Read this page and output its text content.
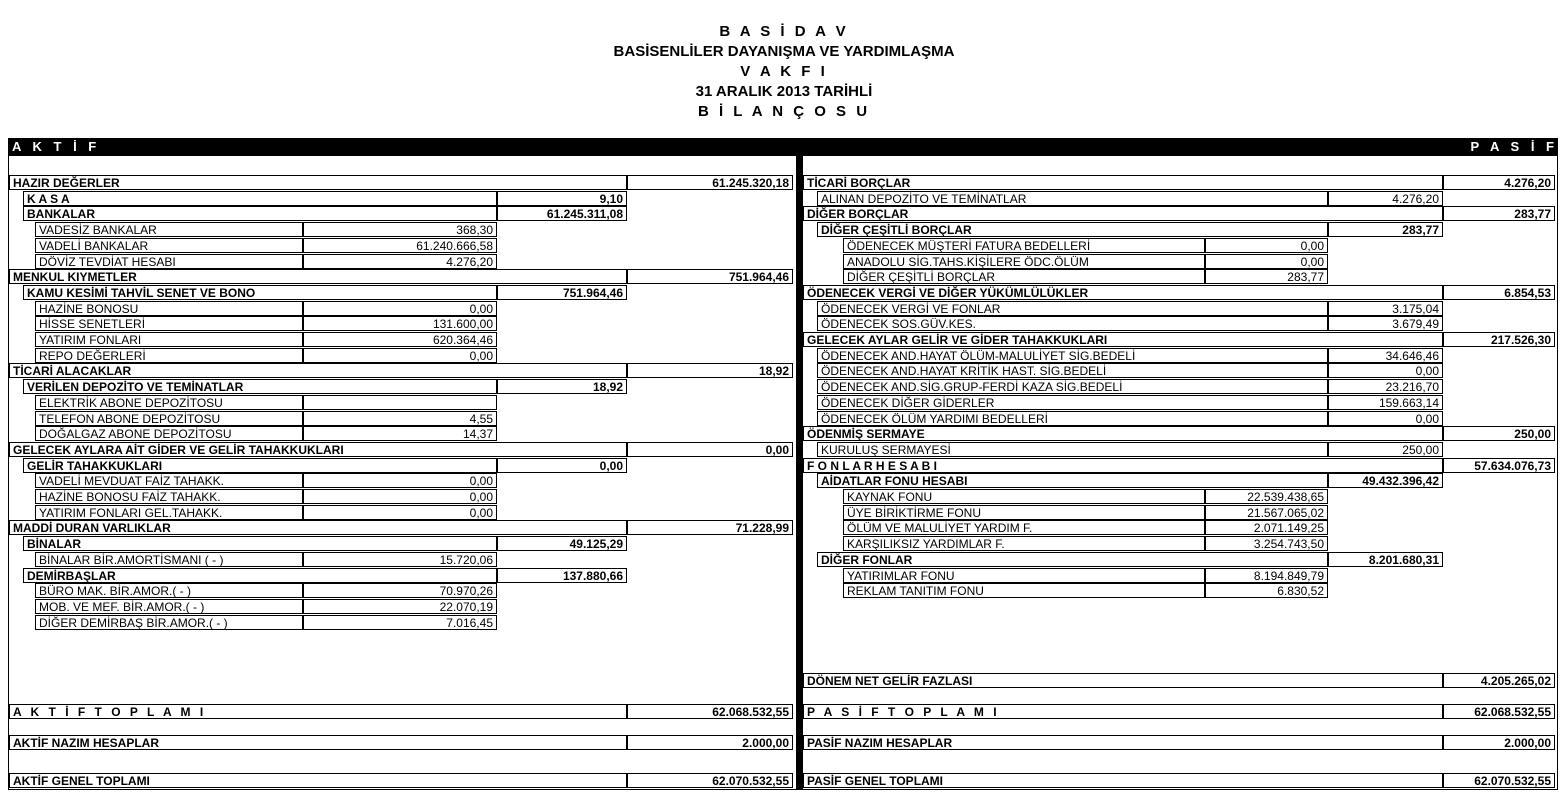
B A S İ D A V
BASİSENLİLER DAYANIŞMA VE YARDIMLAŞMA
V A K F I
31 ARALIK 2013 TARİHLİ
B İ L A N Ç O S U
A K T İ F	P A S İ F
HAZIR DEĞERLER	61.245.320,18
K A S A	9,10
BANKALAR	61.245.311,08
VADESİZ BANKALAR	368,30
VADELİ BANKALAR	61.240.666,58
DÖVİZ TEVDİAT HESABI	4.276,20
MENKUL KIYMETLER	751.964,46
KAMU KESİMİ TAHVİL SENET VE BONO	751.964,46
HAZİNE BONOSU	0,00
HİSSE SENETLERİ	131.600,00
YATIRIM FONLARI	620.364,46
REPO DEĞERLERİ	0,00
TİCARİ ALACAKLAR	18,92
VERİLEN DEPOZİTO VE TEMİNATLAR	18,92
ELEKTRİK ABONE DEPOZİTOSU
TELEFON ABONE DEPOZİTOSU	4,55
DOĞALGAZ ABONE DEPOZİTOSU	14,37
GELECEK AYLARA AİT GİDER VE GELİR TAHAKKUKLARI	0,00
GELİR TAHAKKUKLARI	0,00
VADELİ MEVDUAT FAİZ TAHAKK.	0,00
HAZİNE BONOSU FAİZ TAHAKK.	0,00
YATIRIM FONLARI GEL.TAHAKK.	0,00
MADDİ DURAN VARLIKLAR	71.228,99
BİNALAR	49.125,29
BİNALAR BİR.AMORTİSMANI ( - )	15.720,06
DEMİRBAŞLAR	137.880,66
BÜRO MAK. BİR.AMOR.( - )	70.970,26
MOB. VE MEF. BİR.AMOR.( - )	22.070,19
DİĞER DEMİRBAŞ BİR.AMOR.( - )	7.016,45
A K T İ F T O P L A M I	62.068.532,55
AKTİF NAZIM HESAPLAR	2.000,00
AKTİF GENEL TOPLAMI	62.070.532,55
TİCARİ BORÇLAR	4.276,20
ALINAN DEPOZİTO VE TEMİNATLAR	4.276,20
DİĞER BORÇLAR	283,77
DİĞER ÇEŞİTLİ BORÇLAR	283,77
ÖDENECEK MÜŞTERİ FATURA BEDELLERİ	0,00
ANADOLU SİG.TAHS.KİŞİLERE ÖDC.ÖLÜM	0,00
DİĞER ÇEŞİTLİ BORÇLAR	283,77
ÖDENECEK VERGİ VE DİĞER YÜKÜMLÜLÜKLER	6.854,53
ÖDENECEK VERGİ VE FONLAR	3.175,04
ÖDENECEK SOS.GÜV.KES.	3.679,49
GELECEK AYLAR GELİR VE GİDER TAHAKKUKLARI	217.526,30
ÖDENECEK AND.HAYAT ÖLÜM-MALULİYET SİG.BEDELİ	34.646,46
ÖDENECEK AND.HAYAT KRİTİK HAST. SİG.BEDELİ	0,00
ÖDENECEK AND.SİG.GRUP-FERDİ KAZA SİG.BEDELİ	23.216,70
ÖDENECEK DİĞER GİDERLER	159.663,14
ÖDENECEK ÖLÜM YARDIMI BEDELLERİ	0,00
ÖDENMİŞ SERMAYE	250,00
KURULUŞ SERMAYESİ	250,00
F O N L A R H E S A B I	57.634.076,73
AİDATLAR FONU HESABI	49.432.396,42
KAYNAK FONU	22.539.438,65
ÜYE BİRİKTİRME FONU	21.567.065,02
ÖLÜM VE MALULİYET YARDIM F.	2.071.149,25
KARŞILIKSIZ YARDIMLAR F.	3.254.743,50
DİĞER FONLAR	8.201.680,31
YATIRIMLAR FONU	8.194.849,79
REKLAM TANITIM FONU	6.830,52
DÖNEM NET GELİR FAZLASI	4.205.265,02
P A S İ F T O P L A M I	62.068.532,55
PASİF NAZIM HESAPLAR	2.000,00
PASİF GENEL TOPLAMI	62.070.532,55
